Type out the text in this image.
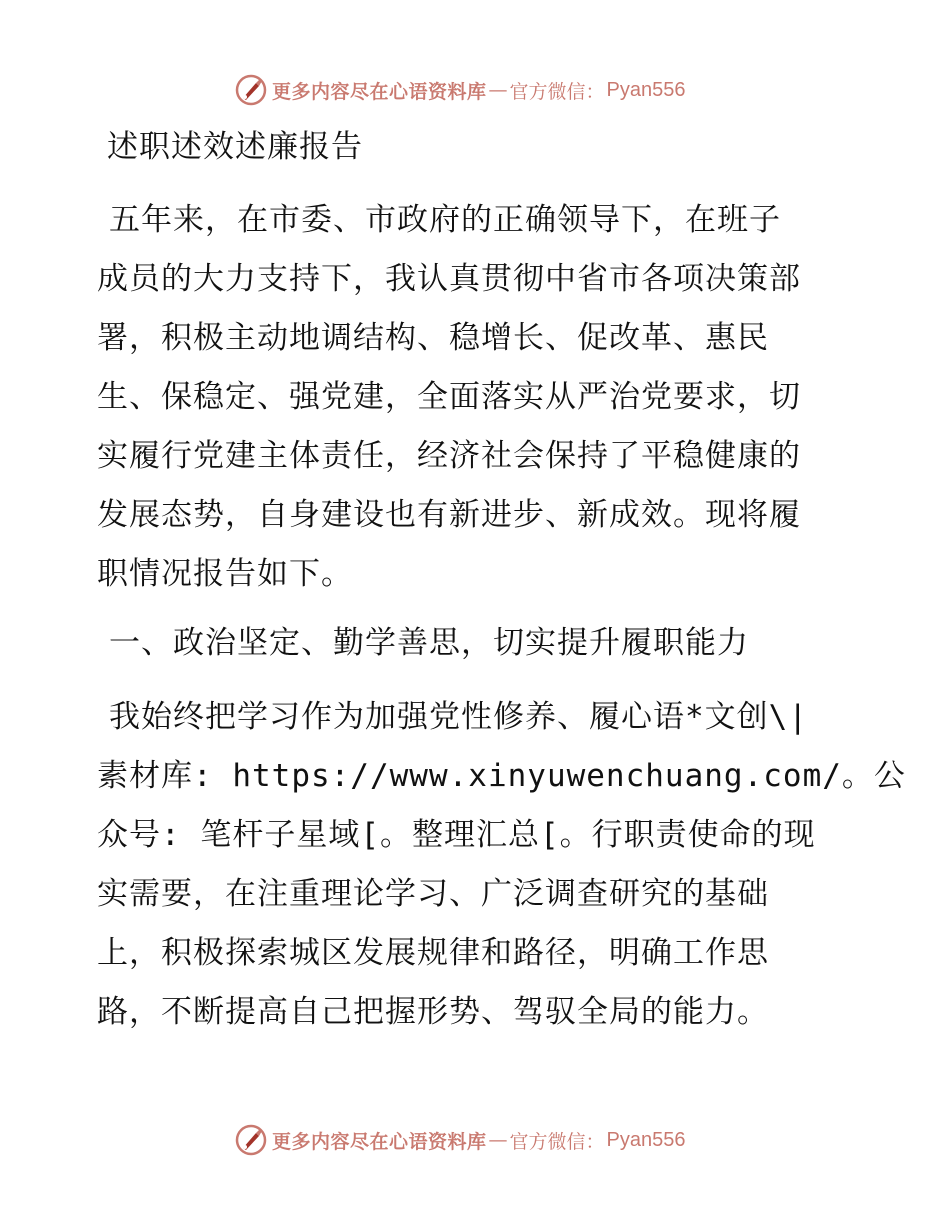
更多内容尽在心语资料库 — 官方微信： Pyan556
述职述效述廉报告
五年来，在市委、市政府的正确领导下，在班子
成员的大力支持下，我认真贯彻中省市各项决策部
署，积极主动地调结构、稳增长、促改革、惠民
生、保稳定、强党建，全面落实从严治党要求，切
实履行党建主体责任，经济社会保持了平稳健康的
发展态势，自身建设也有新进步、新成效。现将履
职情况报告如下。
一、政治坚定、勤学善思，切实提升履职能力
我始终把学习作为加强党性修养、履心语*文创\|
素材库: https://www.xinyuwenchuang.com/。公
众号: 笔杆子星域[。整理汇总[。行职责使命的现
实需要，在注重理论学习、广泛调查研究的基础
上，积极探索城区发展规律和路径，明确工作思
路，不断提高自己把握形势、驾驭全局的能力。
更多内容尽在心语资料库 — 官方微信： Pyan556
